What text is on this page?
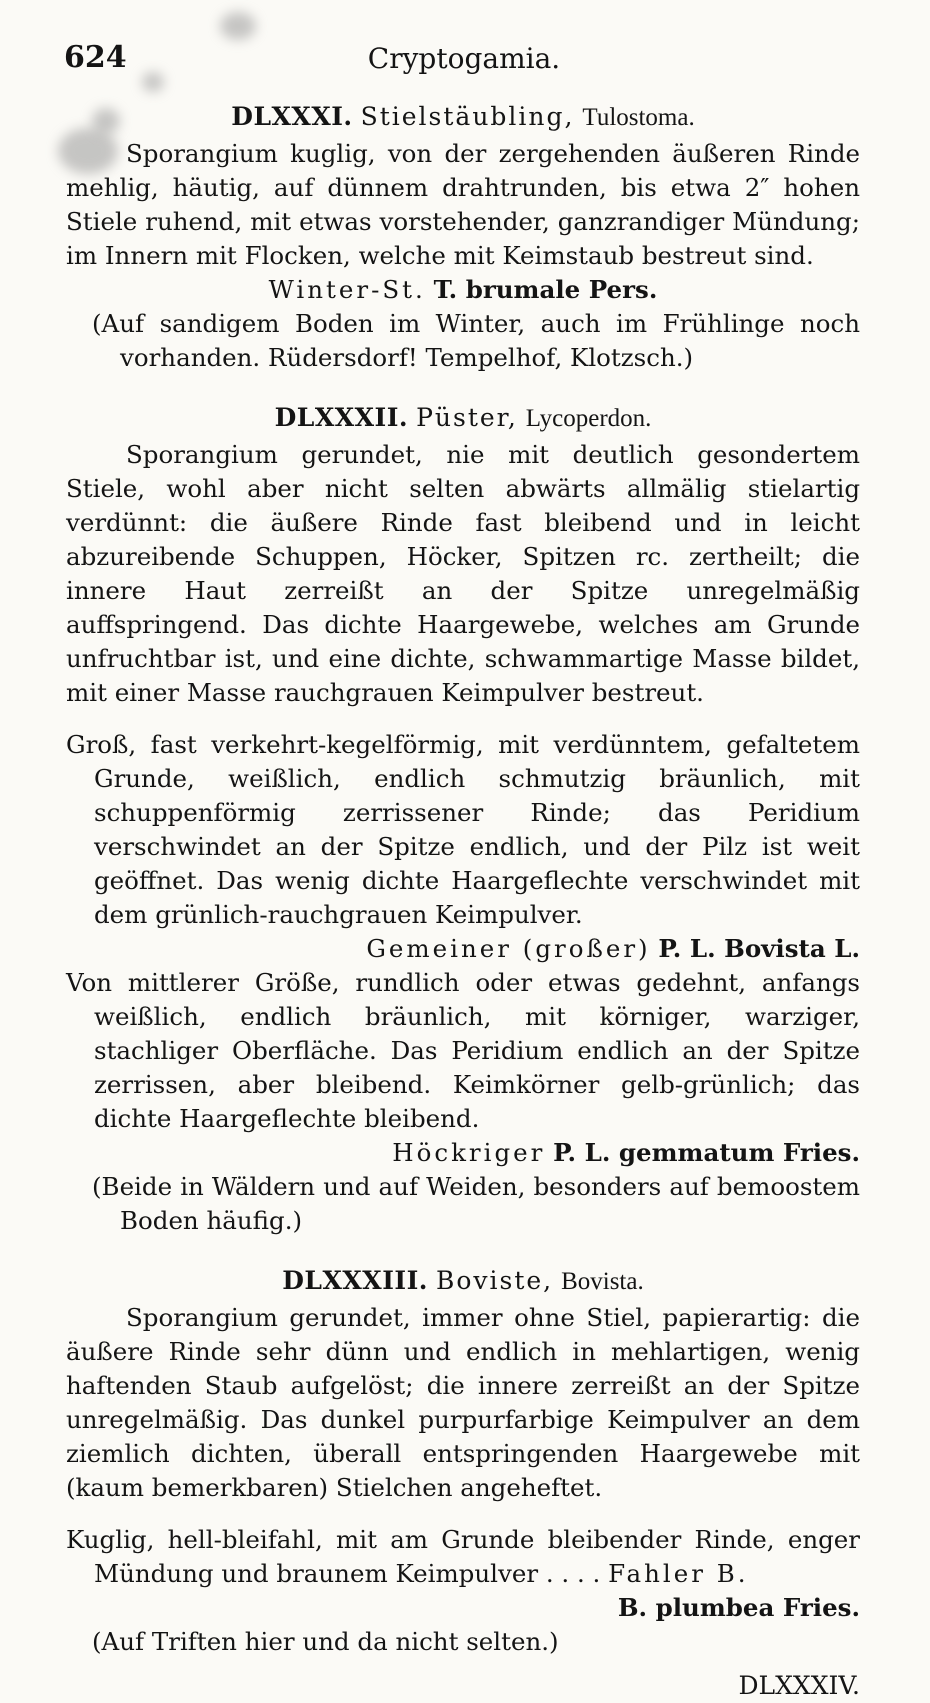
624	Cryptogamia.
DLXXXI. Stielstäubling, Tulostoma.

Sporangium kuglig, von der zergehenden äußeren Rinde mehlig, häutig, auf dünnem drahtrunden, bis etwa 2″ hohen Stiele ruhend, mit etwas vorstehender, ganzrandiger Mündung; im Innern mit Flocken, welche mit Keimstaub bestreut sind.

Winter-St. T. brumale Pers.

(Auf sandigem Boden im Winter, auch im Frühlinge noch vorhanden. Rüdersdorf! Tempelhof, Klotzsch.)

DLXXXII. Püster, Lycoperdon.

Sporangium gerundet, nie mit deutlich gesondertem Stiele, wohl aber nicht selten abwärts allmälig stielartig verdünnt: die äußere Rinde fast bleibend und in leicht abzureibende Schuppen, Höcker, Spitzen rc. zertheilt; die innere Haut zerreißt an der Spitze unregelmäßig auffspringend. Das dichte Haargewebe, welches am Grunde unfruchtbar ist, und eine dichte, schwammartige Masse bildet, mit einer Masse rauchgrauen Keimpulver bestreut.

Groß, fast verkehrt-kegelförmig, mit verdünntem, gefaltetem Grunde, weißlich, endlich schmutzig bräunlich, mit schuppenförmig zerrissener Rinde; das Peridium verschwindet an der Spitze endlich, und der Pilz ist weit geöffnet. Das wenig dichte Haargeflechte verschwindet mit dem grünlich-rauchgrauen Keimpulver.

Gemeiner (großer) P. L. Bovista L.

Von mittlerer Größe, rundlich oder etwas gedehnt, anfangs weißlich, endlich bräunlich, mit körniger, warziger, stachliger Oberfläche. Das Peridium endlich an der Spitze zerrissen, aber bleibend. Keimkörner gelb-grünlich; das dichte Haargeflechte bleibend.

Höckriger P. L. gemmatum Fries.

(Beide in Wäldern und auf Weiden, besonders auf bemoostem Boden häufig.)

DLXXXIII. Boviste, Bovista.

Sporangium gerundet, immer ohne Stiel, papierartig: die äußere Rinde sehr dünn und endlich in mehlartigen, wenig haftenden Staub aufgelöst; die innere zerreißt an der Spitze unregelmäßig. Das dunkel purpurfarbige Keimpulver an dem ziemlich dichten, überall entspringenden Haargewebe mit (kaum bemerkbaren) Stielchen angeheftet.

Kuglig, hell-bleifahl, mit am Grunde bleibender Rinde, enger Mündung und braunem Keimpulver . . . . Fahler B.

B. plumbea Fries.

(Auf Triften hier und da nicht selten.)

DLXXXIV.
